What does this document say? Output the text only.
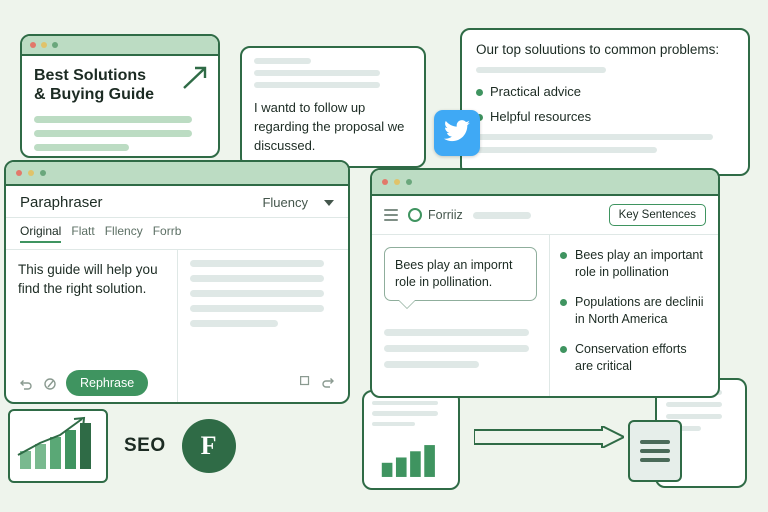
Best Solutions
& Buying Guide

I wantd to follow up regarding the proposal we discussed.

Our top soluutions to common problems:
Practical advice
Helpful resources
Paraphraser	Fluency
Original Flatt Fllency Forrb

This guide will help you find the right solution.

Rephrase
Forriiz	Key Sentences
Bees play an impornt role in pollination.
Bees play an important role in pollination
Populations are declinii in North America
Conservation efforts are critical
SEO F
